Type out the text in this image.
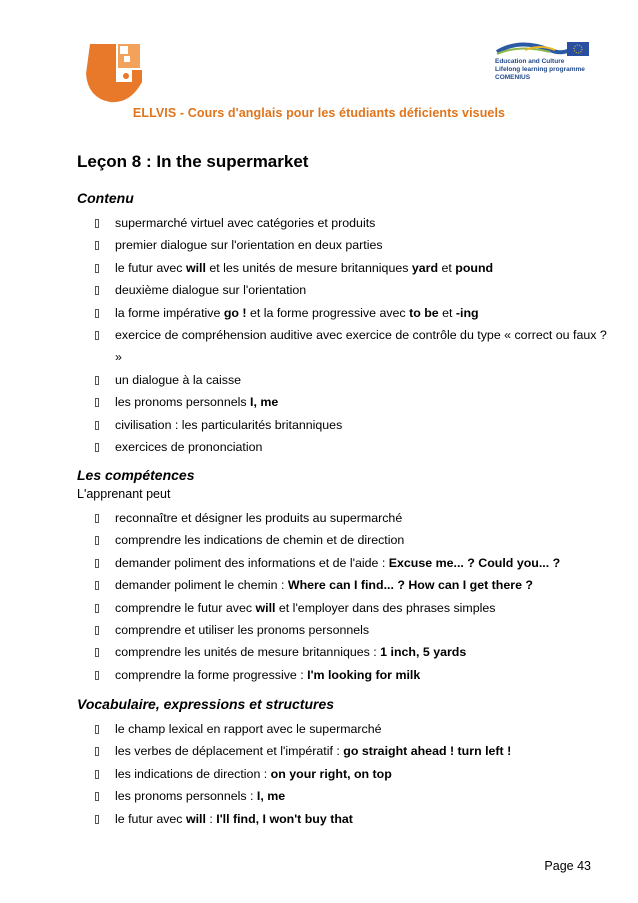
Education and Culture
Lifelong learning programme
COMENIUS
ELLVIS - Cours d'anglais pour les étudiants déficients visuels
Leçon 8 : In the supermarket
Contenu
supermarché virtuel avec catégories et produits
premier dialogue sur l'orientation en deux parties
le futur avec will et les unités de mesure britanniques yard et pound
deuxième dialogue sur l'orientation
la forme impérative go ! et la forme progressive avec to be et -ing
exercice de compréhension auditive avec exercice de contrôle du type « correct ou faux ? »
un dialogue à la caisse
les pronoms personnels I, me
civilisation : les particularités britanniques
exercices de prononciation
Les compétences
L'apprenant peut
reconnaître et désigner les produits au supermarché
comprendre les indications de chemin et de direction
demander poliment des informations et de l'aide : Excuse me... ? Could you... ?
demander poliment le chemin : Where can I find... ? How can I get there ?
comprendre le futur avec will et l'employer dans des phrases simples
comprendre et utiliser les pronoms personnels
comprendre les unités de mesure britanniques : 1 inch, 5 yards
comprendre la forme progressive : I'm looking for milk
Vocabulaire, expressions et structures
le champ lexical en rapport avec le supermarché
les verbes de déplacement et l'impératif : go straight ahead ! turn left !
les indications de direction : on your right, on top
les pronoms personnels : I, me
le futur avec will : I'll find, I won't buy that
Page 43
